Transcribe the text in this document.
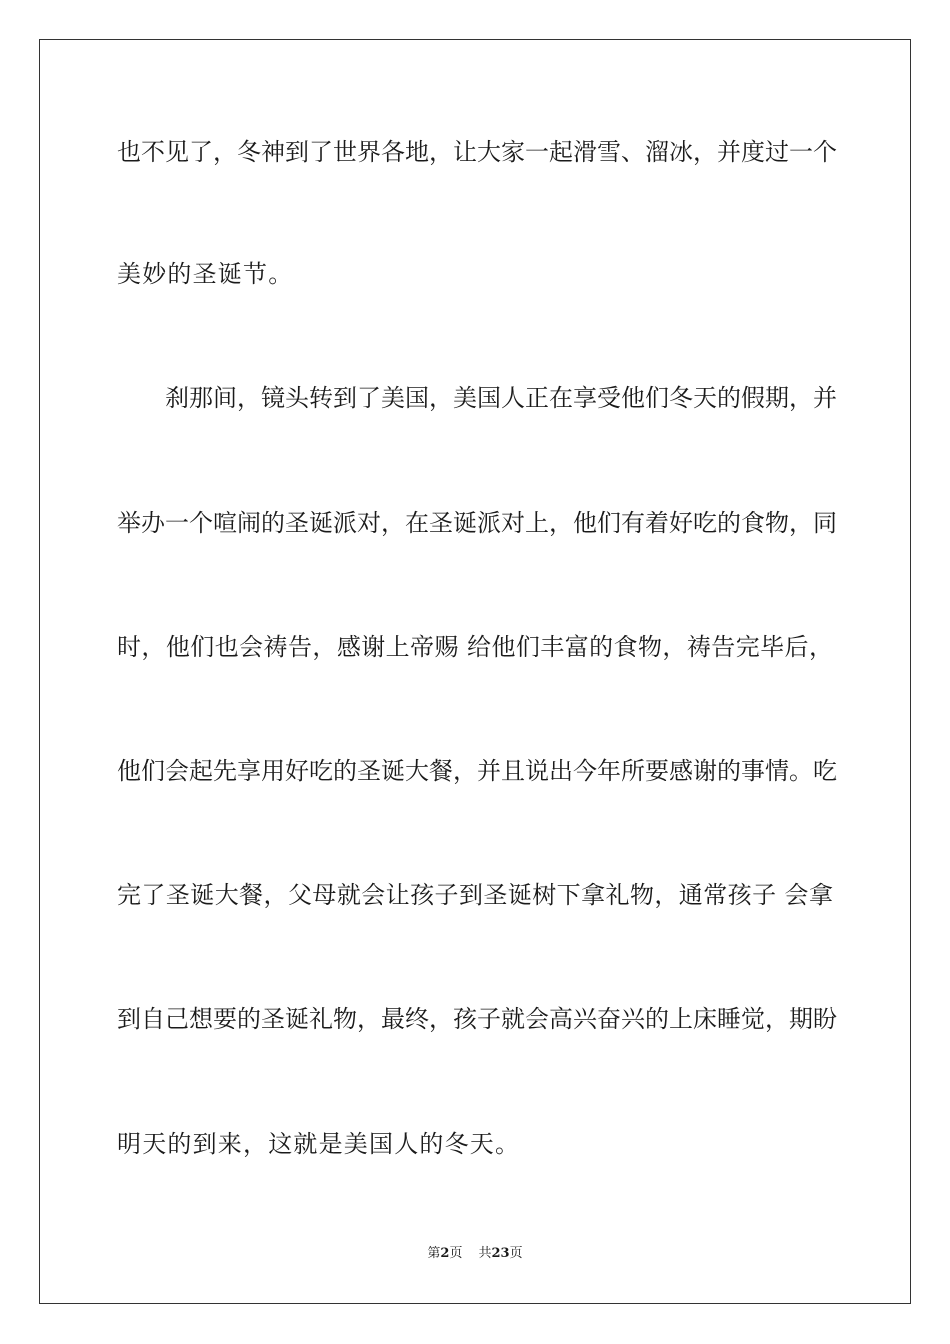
也不见了，冬神到了世界各地，让大家一起滑雪、溜冰，并度过一个
美妙的圣诞节。
刹那间，镜头转到了美国，美国人正在享受他们冬天的假期，并
举办一个喧闹的圣诞派对，在圣诞派对上，他们有着好吃的食物，同
时，他们也会祷告，感谢上帝赐 给他们丰富的食物，祷告完毕后，
他们会起先享用好吃的圣诞大餐，并且说出今年所要感谢的事情。吃
完了圣诞大餐，父母就会让孩子到圣诞树下拿礼物，通常孩子 会拿
到自己想要的圣诞礼物，最终，孩子就会高兴奋兴的上床睡觉，期盼
明天的到来，这就是美国人的冬天。
第2页 共23页
